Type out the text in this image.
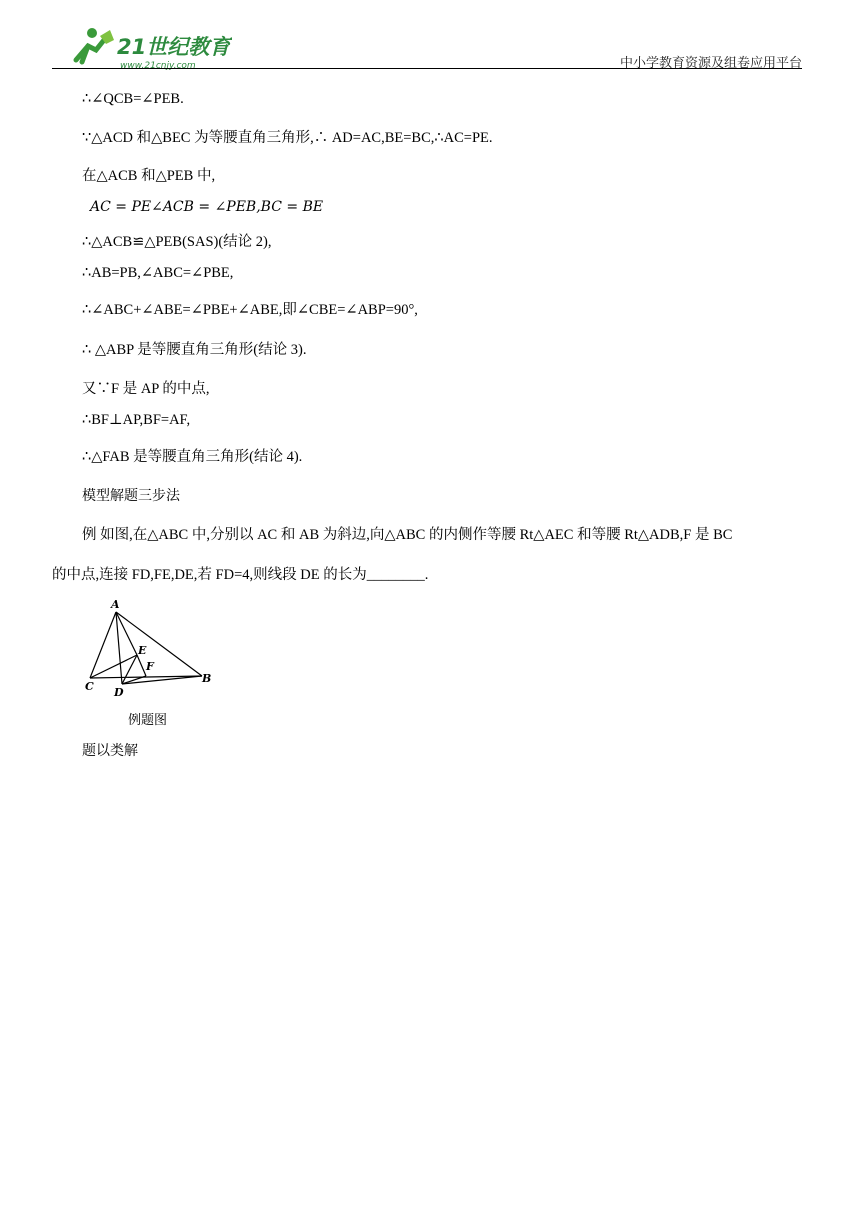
21世纪教育
www.21cnjy.com	中小学教育资源及组卷应用平台
∴∠QCB=∠PEB.
∵△ACD 和△BEC 为等腰直角三角形,∴ AD=AC,BE=BC,∴AC=PE.
在△ACB 和△PEB 中,
AC = PE∠ACB = ∠PEB,BC = BE
∴△ACB≌△PEB(SAS)(结论 2),
∴AB=PB,∠ABC=∠PBE,
∴∠ABC+∠ABE=∠PBE+∠ABE,即∠CBE=∠ABP=90°,
∴ △ABP 是等腰直角三角形(结论 3).
又∵F 是 AP 的中点,
∴BF⊥AP,BF=AF,
∴△FAB 是等腰直角三角形(结论 4).
模型解题三步法
例 如图,在△ABC 中,分别以 AC 和 AB 为斜边,向△ABC 的内侧作等腰 Rt△AEC 和等腰 Rt△ADB,F 是 BC
的中点,连接 FD,FE,DE,若 FD=4,则线段 DE 的长为________.
A
C D
E
F
B
例题图
题以类解
